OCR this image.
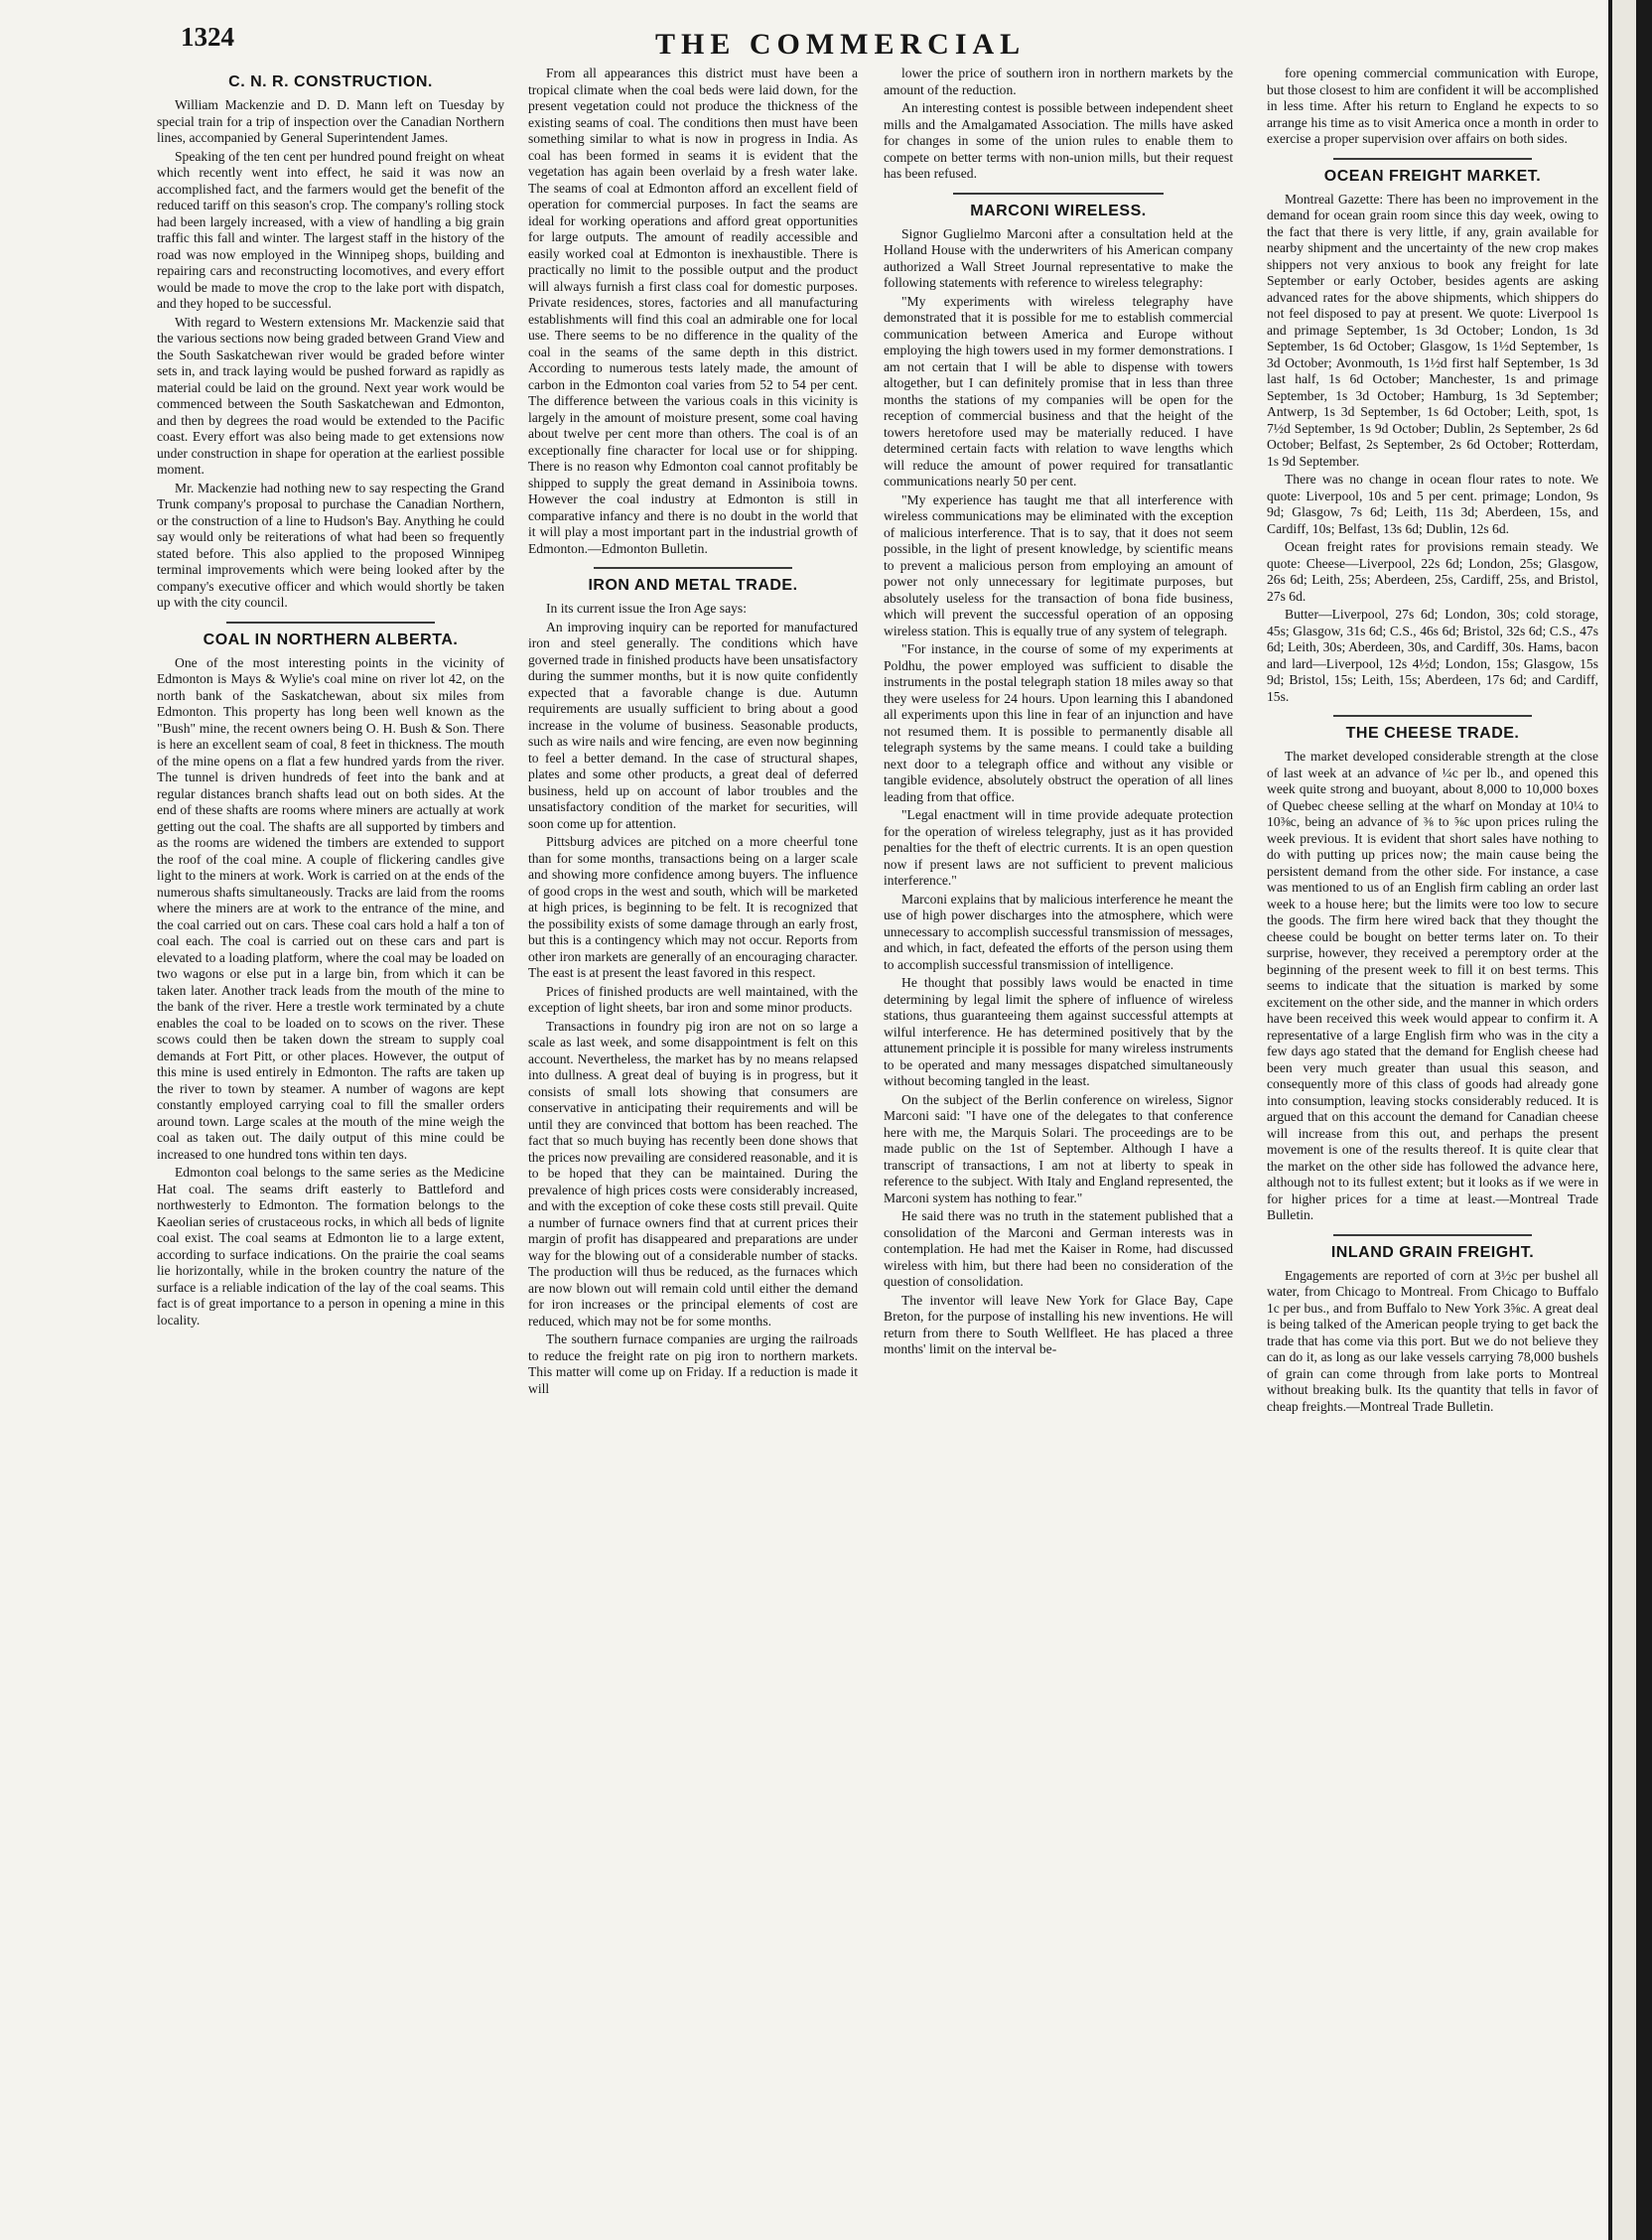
1324	THE COMMERCIAL
C. N. R. CONSTRUCTION.

William Mackenzie and D. D. Mann left on Tuesday by special train for a trip of inspection over the Canadian Northern lines, accompanied by General Superintendent James.

Speaking of the ten cent per hundred pound freight on wheat which recently went into effect, he said it was now an accomplished fact, and the farmers would get the benefit of the reduced tariff on this season's crop. The company's rolling stock had been largely increased, with a view of handling a big grain traffic this fall and winter. The largest staff in the history of the road was now employed in the Winnipeg shops, building and repairing cars and reconstructing locomotives, and every effort would be made to move the crop to the lake port with dispatch, and they hoped to be successful.

With regard to Western extensions Mr. Mackenzie said that the various sections now being graded between Grand View and the South Saskatchewan river would be graded before winter sets in, and track laying would be pushed forward as rapidly as material could be laid on the ground. Next year work would be commenced between the South Saskatchewan and Edmonton, and then by degrees the road would be extended to the Pacific coast. Every effort was also being made to get extensions now under construction in shape for operation at the earliest possible moment.

Mr. Mackenzie had nothing new to say respecting the Grand Trunk company's proposal to purchase the Canadian Northern, or the construction of a line to Hudson's Bay. Anything he could say would only be reiterations of what had been so frequently stated before. This also applied to the proposed Winnipeg terminal improvements which were being looked after by the company's executive officer and which would shortly be taken up with the city council.

COAL IN NORTHERN ALBERTA.

One of the most interesting points in the vicinity of Edmonton is Mays & Wylie's coal mine on river lot 42, on the north bank of the Saskatchewan, about six miles from Edmonton. This property has long been well known as the "Bush" mine, the recent owners being O. H. Bush & Son. There is here an excellent seam of coal, 8 feet in thickness. The mouth of the mine opens on a flat a few hundred yards from the river. The tunnel is driven hundreds of feet into the bank and at regular distances branch shafts lead out on both sides. At the end of these shafts are rooms where miners are actually at work getting out the coal. The shafts are all supported by timbers and as the rooms are widened the timbers are extended to support the roof of the coal mine. A couple of flickering candles give light to the miners at work. Work is carried on at the ends of the numerous shafts simultaneously. Tracks are laid from the rooms where the miners are at work to the entrance of the mine, and the coal carried out on cars. These coal cars hold a half a ton of coal each. The coal is carried out on these cars and part is elevated to a loading platform, where the coal may be loaded on two wagons or else put in a large bin, from which it can be taken later. Another track leads from the mouth of the mine to the bank of the river. Here a trestle work terminated by a chute enables the coal to be loaded on to scows on the river. These scows could then be taken down the stream to supply coal demands at Fort Pitt, or other places. However, the output of this mine is used entirely in Edmonton. The rafts are taken up the river to town by steamer. A number of wagons are kept constantly employed carrying coal to fill the smaller orders around town. Large scales at the mouth of the mine weigh the coal as taken out. The daily output of this mine could be increased to one hundred tons within ten days.

Edmonton coal belongs to the same series as the Medicine Hat coal. The seams drift easterly to Battleford and northwesterly to Edmonton. The formation belongs to the Kaeolian series of crustaceous rocks, in which all beds of lignite coal exist. The coal seams at Edmonton lie to a large extent, according to surface indications. On the prairie the coal seams lie horizontally, while in the broken country the nature of the surface is a reliable indication of the lay of the coal seams. This fact is of great importance to a person in opening a mine in this locality.

From all appearances this district must have been a tropical climate when the coal beds were laid down, for the present vegetation could not produce the thickness of the existing seams of coal. The conditions then must have been something similar to what is now in progress in India. As coal has been formed in seams it is evident that the vegetation has again been overlaid by a fresh water lake. The seams of coal at Edmonton afford an excellent field of operation for commercial purposes. In fact the seams are ideal for working operations and afford great opportunities for large outputs. The amount of readily accessible and easily worked coal at Edmonton is inexhaustible. There is practically no limit to the possible output and the product will always furnish a first class coal for domestic purposes. Private residences, stores, factories and all manufacturing establishments will find this coal an admirable one for local use. There seems to be no difference in the quality of the coal in the seams of the same depth in this district. According to numerous tests lately made, the amount of carbon in the Edmonton coal varies from 52 to 54 per cent. The difference between the various coals in this vicinity is largely in the amount of moisture present, some coal having about twelve per cent more than others. The coal is of an exceptionally fine character for local use or for shipping. There is no reason why Edmonton coal cannot profitably be shipped to supply the great demand in Assiniboia towns. However the coal industry at Edmonton is still in comparative infancy and there is no doubt in the world that it will play a most important part in the industrial growth of Edmonton.—Edmonton Bulletin.

IRON AND METAL TRADE.

In its current issue the Iron Age says:

An improving inquiry can be reported for manufactured iron and steel generally. The conditions which have governed trade in finished products have been unsatisfactory during the summer months, but it is now quite confidently expected that a favorable change is due. Autumn requirements are usually sufficient to bring about a good increase in the volume of business. Seasonable products, such as wire nails and wire fencing, are even now beginning to feel a better demand. In the case of structural shapes, plates and some other products, a great deal of deferred business, held up on account of labor troubles and the unsatisfactory condition of the market for securities, will soon come up for attention.

Pittsburg advices are pitched on a more cheerful tone than for some months, transactions being on a larger scale and showing more confidence among buyers. The influence of good crops in the west and south, which will be marketed at high prices, is beginning to be felt. It is recognized that the possibility exists of some damage through an early frost, but this is a contingency which may not occur. Reports from other iron markets are generally of an encouraging character. The east is at present the least favored in this respect.

Prices of finished products are well maintained, with the exception of light sheets, bar iron and some minor products.

Transactions in foundry pig iron are not on so large a scale as last week, and some disappointment is felt on this account. Nevertheless, the market has by no means relapsed into dullness. A great deal of buying is in progress, but it consists of small lots showing that consumers are conservative in anticipating their requirements and will be until they are convinced that bottom has been reached. The fact that so much buying has recently been done shows that the prices now prevailing are considered reasonable, and it is to be hoped that they can be maintained. During the prevalence of high prices costs were considerably increased, and with the exception of coke these costs still prevail. Quite a number of furnace owners find that at current prices their margin of profit has disappeared and preparations are under way for the blowing out of a considerable number of stacks. The production will thus be reduced, as the furnaces which are now blown out will remain cold until either the demand for iron increases or the principal elements of cost are reduced, which may not be for some months.

The southern furnace companies are urging the railroads to reduce the freight rate on pig iron to northern markets. This matter will come up on Friday. If a reduction is made it will

lower the price of southern iron in northern markets by the amount of the reduction.

An interesting contest is possible between independent sheet mills and the Amalgamated Association. The mills have asked for changes in some of the union rules to enable them to compete on better terms with non-union mills, but their request has been refused.

MARCONI WIRELESS.

Signor Guglielmo Marconi after a consultation held at the Holland House with the underwriters of his American company authorized a Wall Street Journal representative to make the following statements with reference to wireless telegraphy:

"My experiments with wireless telegraphy have demonstrated that it is possible for me to establish commercial communication between America and Europe without employing the high towers used in my former demonstrations. I am not certain that I will be able to dispense with towers altogether, but I can definitely promise that in less than three months the stations of my companies will be open for the reception of commercial business and that the height of the towers heretofore used may be materially reduced. I have determined certain facts with relation to wave lengths which will reduce the amount of power required for transatlantic communications nearly 50 per cent.

"My experience has taught me that all interference with wireless communications may be eliminated with the exception of malicious interference. That is to say, that it does not seem possible, in the light of present knowledge, by scientific means to prevent a malicious person from employing an amount of power not only unnecessary for legitimate purposes, but absolutely useless for the transaction of bona fide business, which will prevent the successful operation of an opposing wireless station. This is equally true of any system of telegraph.

"For instance, in the course of some of my experiments at Poldhu, the power employed was sufficient to disable the instruments in the postal telegraph station 18 miles away so that they were useless for 24 hours. Upon learning this I abandoned all experiments upon this line in fear of an injunction and have not resumed them. It is possible to permanently disable all telegraph systems by the same means. I could take a building next door to a telegraph office and without any visible or tangible evidence, absolutely obstruct the operation of all lines leading from that office.

"Legal enactment will in time provide adequate protection for the operation of wireless telegraphy, just as it has provided penalties for the theft of electric currents. It is an open question now if present laws are not sufficient to prevent malicious interference."

Marconi explains that by malicious interference he meant the use of high power discharges into the atmosphere, which were unnecessary to accomplish successful transmission of messages, and which, in fact, defeated the efforts of the person using them to accomplish successful transmission of intelligence.

He thought that possibly laws would be enacted in time determining by legal limit the sphere of influence of wireless stations, thus guaranteeing them against successful attempts at wilful interference. He has determined positively that by the attunement principle it is possible for many wireless instruments to be operated and many messages dispatched simultaneously without becoming tangled in the least.

On the subject of the Berlin conference on wireless, Signor Marconi said: "I have one of the delegates to that conference here with me, the Marquis Solari. The proceedings are to be made public on the 1st of September. Although I have a transcript of transactions, I am not at liberty to speak in reference to the subject. With Italy and England represented, the Marconi system has nothing to fear."

He said there was no truth in the statement published that a consolidation of the Marconi and German interests was in contemplation. He had met the Kaiser in Rome, had discussed wireless with him, but there had been no consideration of the question of consolidation.

The inventor will leave New York for Glace Bay, Cape Breton, for the purpose of installing his new inventions. He will return from there to South Wellfleet. He has placed a three months' limit on the interval be-

fore opening commercial communication with Europe, but those closest to him are confident it will be accomplished in less time. After his return to England he expects to so arrange his time as to visit America once a month in order to exercise a proper supervision over affairs on both sides.

OCEAN FREIGHT MARKET.

Montreal Gazette: There has been no improvement in the demand for ocean grain room since this day week, owing to the fact that there is very little, if any, grain available for nearby shipment and the uncertainty of the new crop makes shippers not very anxious to book any freight for late September or early October, besides agents are asking advanced rates for the above shipments, which shippers do not feel disposed to pay at present. We quote: Liverpool 1s and primage September, 1s 3d October; London, 1s 3d September, 1s 6d October; Glasgow, 1s 1½d September, 1s 3d October; Avonmouth, 1s 1½d first half September, 1s 3d last half, 1s 6d October; Manchester, 1s and primage September, 1s 3d October; Hamburg, 1s 3d September; Antwerp, 1s 3d September, 1s 6d October; Leith, spot, 1s 7½d September, 1s 9d October; Dublin, 2s September, 2s 6d October; Belfast, 2s September, 2s 6d October; Rotterdam, 1s 9d September.

There was no change in ocean flour rates to note. We quote: Liverpool, 10s and 5 per cent. primage; London, 9s 9d; Glasgow, 7s 6d; Leith, 11s 3d; Aberdeen, 15s, and Cardiff, 10s; Belfast, 13s 6d; Dublin, 12s 6d.

Ocean freight rates for provisions remain steady. We quote: Cheese—Liverpool, 22s 6d; London, 25s; Glasgow, 26s 6d; Leith, 25s; Aberdeen, 25s, Cardiff, 25s, and Bristol, 27s 6d.

Butter—Liverpool, 27s 6d; London, 30s; cold storage, 45s; Glasgow, 31s 6d; C.S., 46s 6d; Bristol, 32s 6d; C.S., 47s 6d; Leith, 30s; Aberdeen, 30s, and Cardiff, 30s. Hams, bacon and lard—Liverpool, 12s 4½d; London, 15s; Glasgow, 15s 9d; Bristol, 15s; Leith, 15s; Aberdeen, 17s 6d; and Cardiff, 15s.

THE CHEESE TRADE.

The market developed considerable strength at the close of last week at an advance of ¼c per lb., and opened this week quite strong and buoyant, about 8,000 to 10,000 boxes of Quebec cheese selling at the wharf on Monday at 10¼ to 10⅜c, being an advance of ⅜ to ⅝c upon prices ruling the week previous. It is evident that short sales have nothing to do with putting up prices now; the main cause being the persistent demand from the other side. For instance, a case was mentioned to us of an English firm cabling an order last week to a house here; but the limits were too low to secure the goods. The firm here wired back that they thought the cheese could be bought on better terms later on. To their surprise, however, they received a peremptory order at the beginning of the present week to fill it on best terms. This seems to indicate that the situation is marked by some excitement on the other side, and the manner in which orders have been received this week would appear to confirm it. A representative of a large English firm who was in the city a few days ago stated that the demand for English cheese had been very much greater than usual this season, and consequently more of this class of goods had already gone into consumption, leaving stocks considerably reduced. It is argued that on this account the demand for Canadian cheese will increase from this out, and perhaps the present movement is one of the results thereof. It is quite clear that the market on the other side has followed the advance here, although not to its fullest extent; but it looks as if we were in for higher prices for a time at least.—Montreal Trade Bulletin.

INLAND GRAIN FREIGHT.

Engagements are reported of corn at 3½c per bushel all water, from Chicago to Montreal. From Chicago to Buffalo 1c per bus., and from Buffalo to New York 3⅝c. A great deal is being talked of the American people trying to get back the trade that has come via this port. But we do not believe they can do it, as long as our lake vessels carrying 78,000 bushels of grain can come through from lake ports to Montreal without breaking bulk. Its the quantity that tells in favor of cheap freights.—Montreal Trade Bulletin.
